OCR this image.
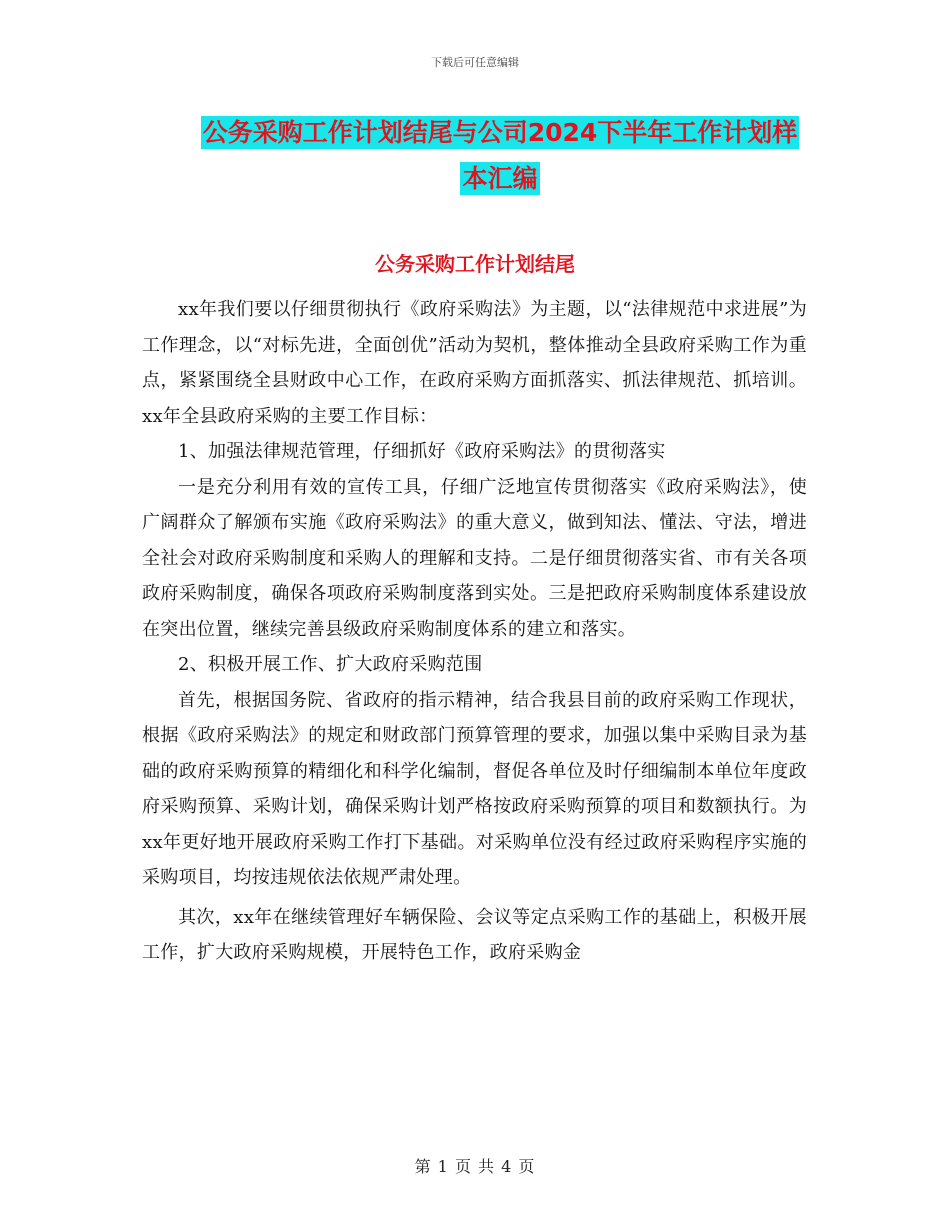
下载后可任意编辑
公务采购工作计划结尾与公司2024下半年工作计划样
本汇编
公务采购工作计划结尾

xx年我们要以仔细贯彻执行《政府采购法》为主题，以“法律规范中求进展”为工作理念，以“对标先进，全面创优”活动为契机，整体推动全县政府采购工作为重点，紧紧围绕全县财政中心工作，在政府采购方面抓落实、抓法律规范、抓培训。xx年全县政府采购的主要工作目标：

1、加强法律规范管理，仔细抓好《政府采购法》的贯彻落实

一是充分利用有效的宣传工具，仔细广泛地宣传贯彻落实《政府采购法》，使广阔群众了解颁布实施《政府采购法》的重大意义，做到知法、懂法、守法，增进全社会对政府采购制度和采购人的理解和支持。二是仔细贯彻落实省、市有关各项政府采购制度，确保各项政府采购制度落到实处。三是把政府采购制度体系建设放在突出位置，继续完善县级政府采购制度体系的建立和落实。

2、积极开展工作、扩大政府采购范围

首先，根据国务院、省政府的指示精神，结合我县目前的政府采购工作现状，根据《政府采购法》的规定和财政部门预算管理的要求，加强以集中采购目录为基础的政府采购预算的精细化和科学化编制，督促各单位及时仔细编制本单位年度政府采购预算、采购计划，确保采购计划严格按政府采购预算的项目和数额执行。为xx年更好地开展政府采购工作打下基础。对采购单位没有经过政府采购程序实施的采购项目，均按违规依法依规严肃处理。

其次，xx年在继续管理好车辆保险、会议等定点采购工作的基础上，积极开展工作，扩大政府采购规模，开展特色工作，政府采购金

第 1 页 共 4 页
